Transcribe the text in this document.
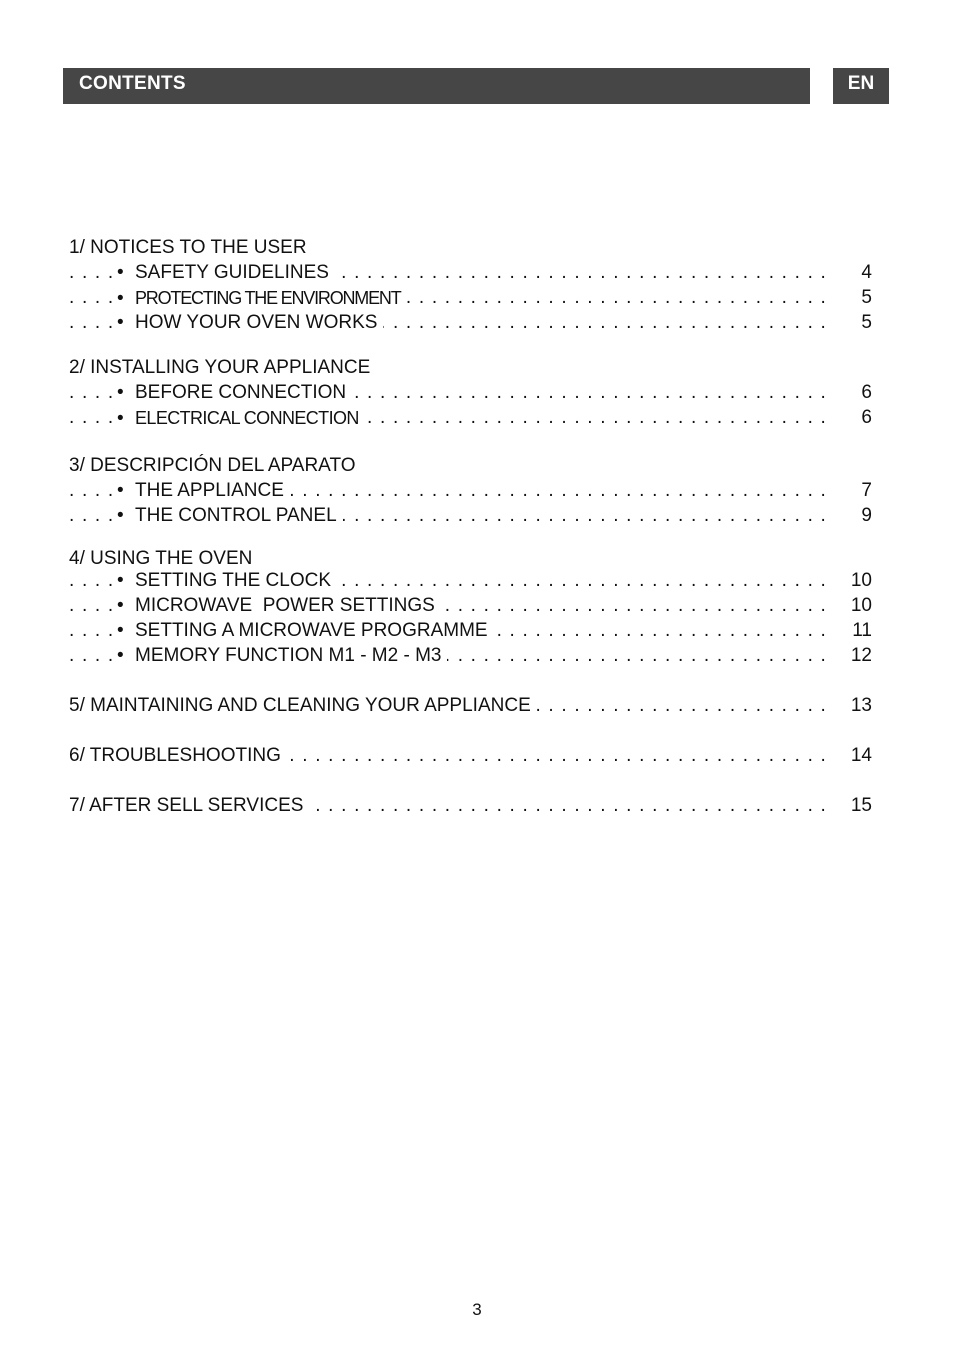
CONTENTS	EN
1/ NOTICES TO THE USER
• SAFETY GUIDELINES . . .	4
• PROTECTING THE ENVIRONMENT . . .	5
• HOW YOUR OVEN WORKS . . .	5
2/ INSTALLING YOUR APPLIANCE
• BEFORE CONNECTION . . .	6
• ELECTRICAL CONNECTION . . .	6
3/ DESCRIPCIÓN DEL APARATO
• THE APPLIANCE . . .	7
• THE CONTROL PANEL . . .	9
4/ USING THE OVEN
• SETTING THE CLOCK . . .	10
• MICROWAVE  POWER SETTINGS . . .	10
• SETTING A MICROWAVE PROGRAMME . . .	11
• MEMORY FUNCTION M1 - M2 - M3 . . .	12
5/ MAINTAINING AND CLEANING YOUR APPLIANCE . . .	13
6/ TROUBLESHOOTING . . .	14
7/ AFTER SELL SERVICES . . .	15
3
